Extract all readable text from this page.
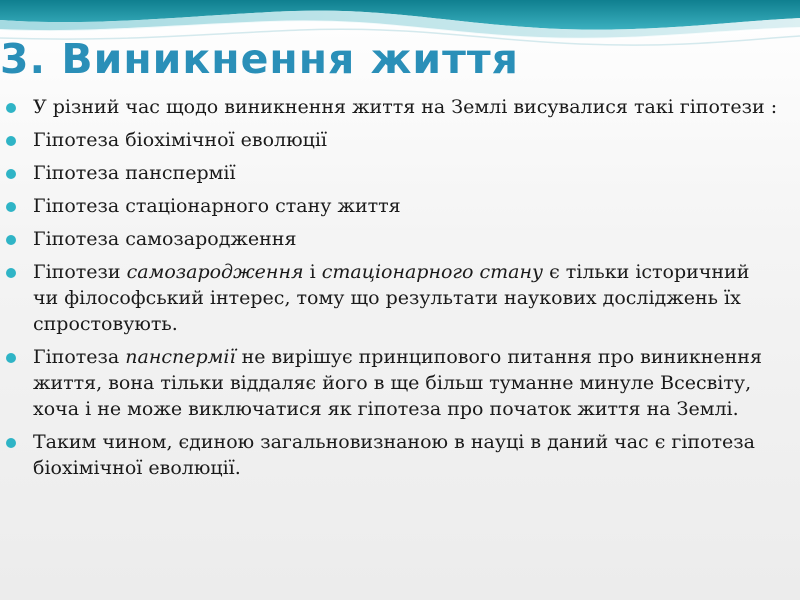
3. Виникнення життя
У різний час щодо виникнення життя на Землі висувалися такі гіпотези :
Гіпотеза біохімічної еволюції
Гіпотеза панспермії
Гіпотеза стаціонарного стану життя
Гіпотеза самозародження
Гіпотези самозародження і стаціонарного стану є тільки історичний чи філософський інтерес, тому що результати наукових досліджень їх спростовують.
Гіпотеза панспермії не вирішує принципового питання про виникнення життя, вона тільки віддаляє його в ще більш туманне минуле Всесвіту, хоча і не може виключатися як гіпотеза про початок життя на Землі.
Таким чином, єдиною загальновизнаною в науці в даний час є гіпотеза біохімічної еволюції.
